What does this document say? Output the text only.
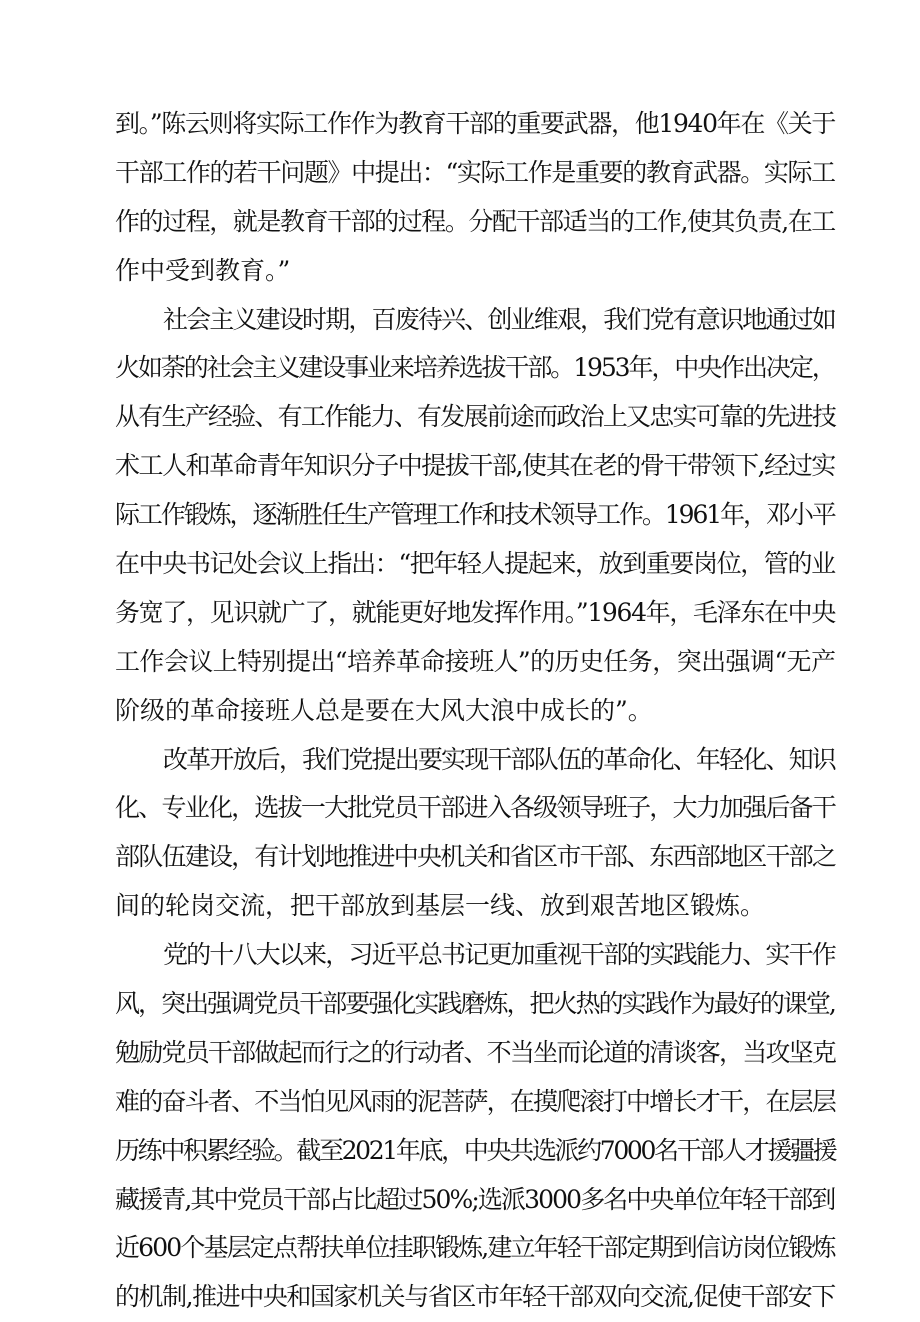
到。”陈云则将实际工作作为教育干部的重要武器，他1940年在《关于
干部工作的若干问题》中提出：“实际工作是重要的教育武器。实际工
作的过程，就是教育干部的过程。分配干部适当的工作,使其负责,在工
作中受到教育。”
社会主义建设时期，百废待兴、创业维艰，我们党有意识地通过如
火如荼的社会主义建设事业来培养选拔干部。1953年，中央作出决定，
从有生产经验、有工作能力、有发展前途而政治上又忠实可靠的先进技
术工人和革命青年知识分子中提拔干部,使其在老的骨干带领下,经过实
际工作锻炼，逐渐胜任生产管理工作和技术领导工作。1961年，邓小平
在中央书记处会议上指出：“把年轻人提起来，放到重要岗位，管的业
务宽了，见识就广了，就能更好地发挥作用。”1964年，毛泽东在中央
工作会议上特别提出“培养革命接班人”的历史任务，突出强调“无产
阶级的革命接班人总是要在大风大浪中成长的”。
改革开放后，我们党提出要实现干部队伍的革命化、年轻化、知识
化、专业化，选拔一大批党员干部进入各级领导班子，大力加强后备干
部队伍建设，有计划地推进中央机关和省区市干部、东西部地区干部之
间的轮岗交流，把干部放到基层一线、放到艰苦地区锻炼。
党的十八大以来，习近平总书记更加重视干部的实践能力、实干作
风，突出强调党员干部要强化实践磨炼，把火热的实践作为最好的课堂,
勉励党员干部做起而行之的行动者、不当坐而论道的清谈客，当攻坚克
难的奋斗者、不当怕见风雨的泥菩萨，在摸爬滚打中增长才干，在层层
历练中积累经验。截至2021年底，中央共选派约7000名干部人才援疆援
藏援青,其中党员干部占比超过50%;选派3000多名中央单位年轻干部到
近600个基层定点帮扶单位挂职锻炼,建立年轻干部定期到信访岗位锻炼
的机制,推进中央和国家机关与省区市年轻干部双向交流,促使干部安下
